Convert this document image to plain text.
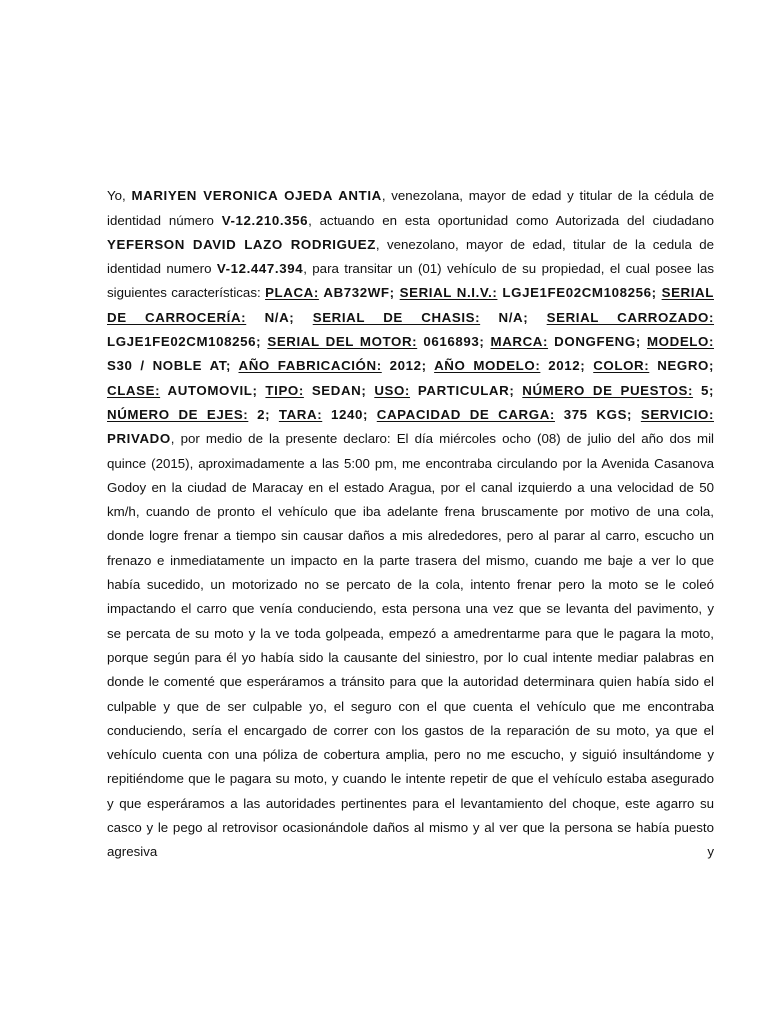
Yo, MARIYEN VERONICA OJEDA ANTIA, venezolana, mayor de edad y titular de la cédula de identidad número V-12.210.356, actuando en esta oportunidad como Autorizada del ciudadano YEFERSON DAVID LAZO RODRIGUEZ, venezolano, mayor de edad, titular de la cedula de identidad numero V-12.447.394, para transitar un (01) vehículo de su propiedad, el cual posee las siguientes características: PLACA: AB732WF; SERIAL N.I.V.: LGJE1FE02CM108256; SERIAL DE CARROCERÍA: N/A; SERIAL DE CHASIS: N/A; SERIAL CARROZADO: LGJE1FE02CM108256; SERIAL DEL MOTOR: 0616893; MARCA: DONGFENG; MODELO: S30 / NOBLE AT; AÑO FABRICACIÓN: 2012; AÑO MODELO: 2012; COLOR: NEGRO; CLASE: AUTOMOVIL; TIPO: SEDAN; USO: PARTICULAR; NÚMERO DE PUESTOS: 5; NÚMERO DE EJES: 2; TARA: 1240; CAPACIDAD DE CARGA: 375 KGS; SERVICIO: PRIVADO, por medio de la presente declaro: El día miércoles ocho (08) de julio del año dos mil quince (2015), aproximadamente a las 5:00 pm, me encontraba circulando por la Avenida Casanova Godoy en la ciudad de Maracay en el estado Aragua, por el canal izquierdo a una velocidad de 50 km/h, cuando de pronto el vehículo que iba adelante frena bruscamente por motivo de una cola, donde logre frenar a tiempo sin causar daños a mis alrededores, pero al parar al carro, escucho un frenazo e inmediatamente un impacto en la parte trasera del mismo, cuando me baje a ver lo que había sucedido, un motorizado no se percato de la cola, intento frenar pero la moto se le coleó impactando el carro que venía conduciendo, esta persona una vez que se levanta del pavimento, y se percata de su moto y la ve toda golpeada, empezó a amedrentarme para que le pagara la moto, porque según para él yo había sido la causante del siniestro, por lo cual intente mediar palabras en donde le comenté que esperáramos a tránsito para que la autoridad determinara quien había sido el culpable y que de ser culpable yo, el seguro con el que cuenta el vehículo que me encontraba conduciendo, sería el encargado de correr con los gastos de la reparación de su moto, ya que el vehículo cuenta con una póliza de cobertura amplia, pero no me escucho, y siguió insultándome y repitiéndome que le pagara su moto, y cuando le intente repetir de que el vehículo estaba asegurado y que esperáramos a las autoridades pertinentes para el levantamiento del choque, este agarro su casco y le pego al retrovisor ocasionándole daños al mismo y al ver que la persona se había puesto agresiva y
